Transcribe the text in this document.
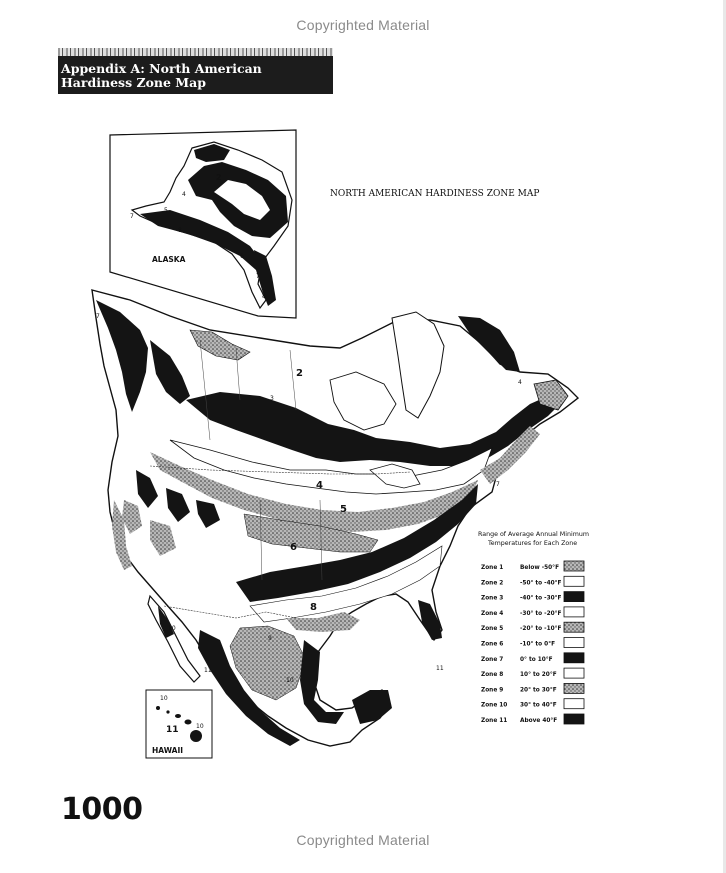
Copyrighted Material
Appendix A: North American
Hardiness Zone Map
NORTH AMERICAN HARDINESS ZONE MAP
ALASKA
2
4
5
7
8
6
7
8
7
2
3
4
5
6
8
9
10
11
4
7
10
11
10
11	10
HAWAII
Range of Average Annual Minimum
Temperatures for Each Zone
Zone 1	Below -50°F
Zone 2	-50° to -40°F
Zone 3	-40° to -30°F
Zone 4	-30° to -20°F
Zone 5	-20° to -10°F
Zone 6	-10° to 0°F
Zone 7	0° to 10°F
Zone 8	10° to 20°F
Zone 9	20° to 30°F
Zone 10 30° to 40°F
Zone 11 Above 40°F
1000
Copyrighted Material
